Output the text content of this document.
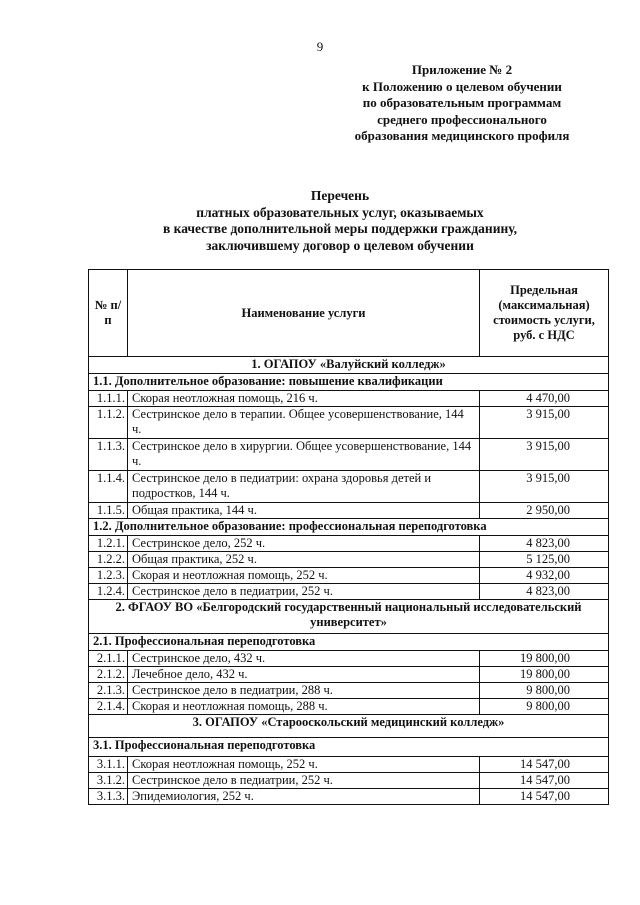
9
Приложение № 2
к Положению о целевом обучении
по образовательным программам
среднего профессионального
образования медицинского профиля
Перечень
платных образовательных услуг, оказываемых
в качестве дополнительной меры поддержки гражданину,
заключившему договор о целевом обучении
№ п/п	Наименование услуги	Предельная (максимальная) стоимость услуги, руб. с НДС
1. ОГАПОУ «Валуйский колледж»		
1.1. Дополнительное образование: повышение квалификации		
1.1.1.	Скорая неотложная помощь, 216 ч.	4 470,00
1.1.2.	Сестринское дело в терапии. Общее усовершенствование, 144 ч.	3 915,00
1.1.3.	Сестринское дело в хирургии. Общее усовершенствование, 144 ч.	3 915,00
1.1.4.	Сестринское дело в педиатрии: охрана здоровья детей и подростков, 144 ч.	3 915,00
1.1.5.	Общая практика, 144 ч.	2 950,00
1.2. Дополнительное образование: профессиональная переподготовка		
1.2.1.	Сестринское дело, 252 ч.	4 823,00
1.2.2.	Общая практика, 252 ч.	5 125,00
1.2.3.	Скорая и неотложная помощь, 252 ч.	4 932,00
1.2.4.	Сестринское дело в педиатрии, 252 ч.	4 823,00
2. ФГАОУ ВО «Белгородский государственный национальный исследовательский университет»		
2.1. Профессиональная переподготовка		
2.1.1.	Сестринское дело, 432 ч.	19 800,00
2.1.2.	Лечебное дело, 432 ч.	19 800,00
2.1.3.	Сестринское дело в педиатрии, 288 ч.	9 800,00
2.1.4.	Скорая и неотложная помощь, 288 ч.	9 800,00
3. ОГАПОУ «Старооскольский медицинский колледж»		
3.1. Профессиональная переподготовка		
3.1.1.	Скорая неотложная помощь, 252 ч.	14 547,00
3.1.2.	Сестринское дело в педиатрии, 252 ч.	14 547,00
3.1.3.	Эпидемиология, 252 ч.	14 547,00
